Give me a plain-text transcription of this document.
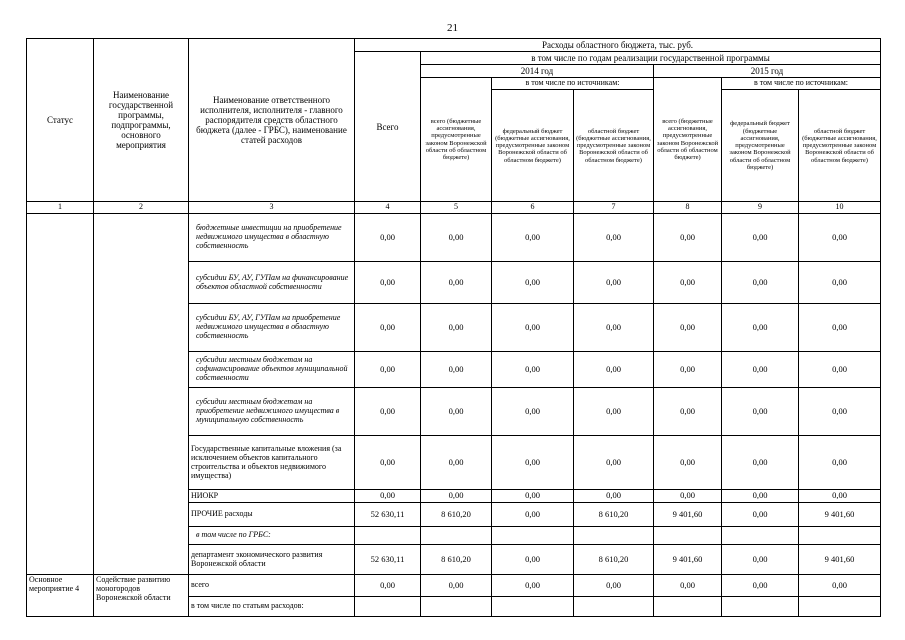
21
Статус	Наименование государственной программы, подпрограммы, основного мероприятия	Наименование ответственного исполнителя, исполнителя - главного распорядителя средств областного бюджета (далее - ГРБС), наименование статей расходов	Расходы областного бюджета, тыс. руб.						
			Всего	в том числе по годам реализации государственной программы					
				2014 год			2015 год		
				всего (бюджетные ассигнования, предусмотренные законом Воронежской области об областном бюджете)	в том числе по источникам:		всего (бюджетные ассигнования, предусмотренные законом Воронежской области об областном бюджете)	в том числе по источникам:	
					федеральный бюджет (бюджетные ассигнования, предусмотренные законом Воронежской области об областном бюджете)	областной бюджет (бюджетные ассигнования, предусмотренные законом Воронежской области об областном бюджете)		федеральный бюджет (бюджетные ассигнования, предусмотренные законом Воронежской области об областном бюджете)	областной бюджет (бюджетные ассигнования, предусмотренные законом Воронежской области об областном бюджете)
1	2	3	4	5	6	7	8	9	10
		бюджетные инвестиции на приобретение недвижимого имущества в областную собственность	0,00	0,00	0,00	0,00	0,00	0,00	0,00
		субсидии БУ, АУ, ГУПам на финансирование объектов областной собственности	0,00	0,00	0,00	0,00	0,00	0,00	0,00
		субсидии БУ, АУ, ГУПам на приобретение недвижимого имущества в областную собственность	0,00	0,00	0,00	0,00	0,00	0,00	0,00
		субсидии местным бюджетам на софинансирование объектов муниципальной собственности	0,00	0,00	0,00	0,00	0,00	0,00	0,00
		субсидии местным бюджетам на приобретение недвижимого имущества в муниципальную собственность	0,00	0,00	0,00	0,00	0,00	0,00	0,00
		Государственные капитальные вложения (за исключением объектов капитального строительства и объектов недвижимого имущества)	0,00	0,00	0,00	0,00	0,00	0,00	0,00
		НИОКР	0,00	0,00	0,00	0,00	0,00	0,00	0,00
		ПРОЧИЕ расходы	52 630,11	8 610,20	0,00	8 610,20	9 401,60	0,00	9 401,60
		в том числе по ГРБС:							
		департамент экономического развития Воронежской области	52 630,11	8 610,20	0,00	8 610,20	9 401,60	0,00	9 401,60
Основное мероприятие 4	Содействие развитию моногородов Воронежской области	всего	0,00	0,00	0,00	0,00	0,00	0,00	0,00
		в том числе по статьям расходов:							
